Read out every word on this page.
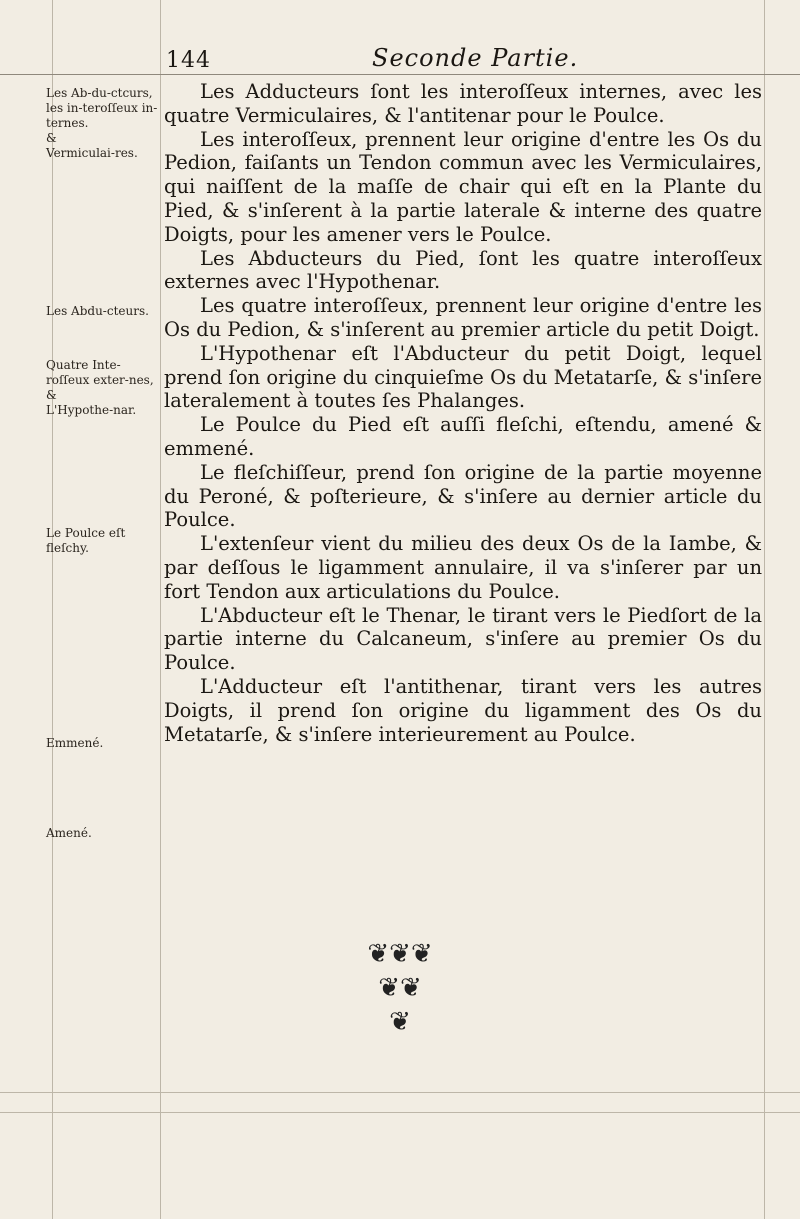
144	Seconde Partie.
Les Ab-du-ctcurs, les in-teroſſeux in-ternes.
&
Vermiculai-res.
Les Abdu-cteurs.
Quatre Inte-roſſeux exter-nes,
&
L'Hypothe-nar.
Le Poulce eſt fleſchy.
Emmené.
Amené.

Les Adducteurs ſont les interoſſeux internes, avec les quatre Vermiculaires, & l'antitenar pour le Poulce.

Les interoſſeux, prennent leur origine d'entre les Os du Pedion, faiſants un Tendon commun avec les Vermiculaires, qui naiſſent de la maſſe de chair qui eſt en la Plante du Pied, & s'inſerent à la partie laterale & interne des quatre Doigts, pour les amener vers le Poulce.

Les Abducteurs du Pied, ſont les quatre interoſſeux externes avec l'Hypothenar.

Les quatre interoſſeux, prennent leur origine d'entre les Os du Pedion, & s'inſerent au premier article du petit Doigt.

L'Hypothenar eſt l'Abducteur du petit Doigt, lequel prend ſon origine du cinquieſme Os du Metatarſe, & s'inſere lateralement à toutes ſes Phalanges.

Le Poulce du Pied eſt auſſi fleſchi, eſtendu, amené & emmené.

Le fleſchiſſeur, prend ſon origine de la partie moyenne du Peroné, & poſterieure, & s'inſere au dernier article du Poulce.

L'extenſeur vient du milieu des deux Os de la Iambe, & par deſſous le ligamment annulaire, il va s'inſerer par un fort Tendon aux articulations du Poulce.

L'Abducteur eſt le Thenar, le tirant vers le Piedſort de la partie interne du Calcaneum, s'inſere au premier Os du Poulce.

L'Adducteur eſt l'antithenar, tirant vers les autres Doigts, il prend ſon origine du ligamment des Os du Metatarſe, & s'inſere interieurement au Poulce.

❦❦❦
❦❦
❦
